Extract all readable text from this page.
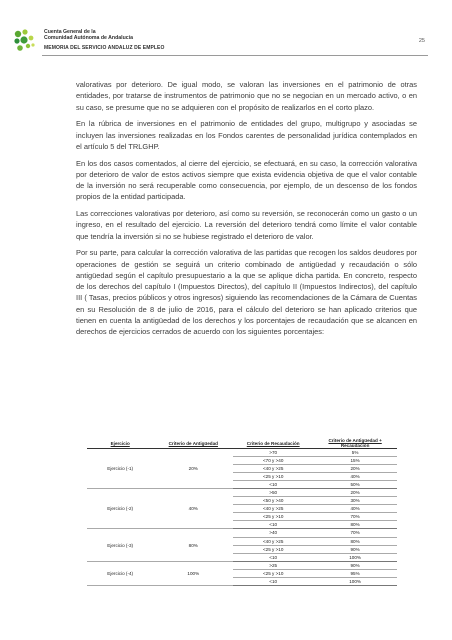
Cuenta General de la
Comunidad Autónoma de Andalucía	25
MEMORIA DEL SERVICIO ANDALUZ DE EMPLEO

valorativas por deterioro. De igual modo, se valoran las inversiones en el patrimonio de otras entidades, por tratarse de instrumentos de patrimonio que no se negocian en un mercado activo, o en su caso, se presume que no se adquieren con el propósito de realizarlos en el corto plazo.

En la rúbrica de inversiones en el patrimonio de entidades del grupo, multigrupo y asociadas se incluyen las inversiones realizadas en los Fondos carentes de personalidad jurídica contemplados en el artículo 5 del TRLGHP.

En los dos casos comentados, al cierre del ejercicio, se efectuará, en su caso, la corrección valorativa por deterioro de valor de estos activos siempre que exista evidencia objetiva de que el valor contable de la inversión no será recuperable como consecuencia, por ejemplo, de un descenso de los fondos propios de la entidad participada.

Las correcciones valorativas por deterioro, así como su reversión, se reconocerán como un gasto o un ingreso, en el resultado del ejercicio. La reversión del deterioro tendrá como límite el valor contable que tendría la inversión si no se hubiese registrado el deterioro de valor.

Por su parte, para calcular la corrección valorativa de las partidas que recogen los saldos deudores por operaciones de gestión se seguirá un criterio combinado de antigüedad y recaudación o sólo antigüedad según el capítulo presupuestario a la que se aplique dicha partida. En concreto, respecto de los derechos del capítulo I (Impuestos Directos), del capítulo II (Impuestos Indirectos), del capítulo III ( Tasas, precios públicos y otros ingresos) siguiendo las recomendaciones de la Cámara de Cuentas en su Resolución de 8 de julio de 2016, para el cálculo del deterioro se han aplicado criterios que tienen en cuenta la antigüedad de los derechos y los porcentajes de recaudación que se alcancen en derechos de ejercicios cerrados de acuerdo con los siguientes porcentajes:

Ejercicio	Criterio de Antigüedad	Criterio de Recaudación	Criterio de Antigüedad + Recaudación
Ejercicio (-1)	20%	>70	5%
		<70 y >40	15%
		<40 y >25	20%
		<25 y >10	40%
		<10	50%
Ejercicio (-2)	40%	>50	20%
		<50 y >40	30%
		<40 y >25	40%
		<25 y >10	70%
		<10	80%
Ejercicio (-3)	80%	>40	70%
		<40 y >25	80%
		<25 y >10	90%
		<10	100%
Ejercicio (-4)	100%	>25	90%
		<25 y >10	95%
		<10	100%
